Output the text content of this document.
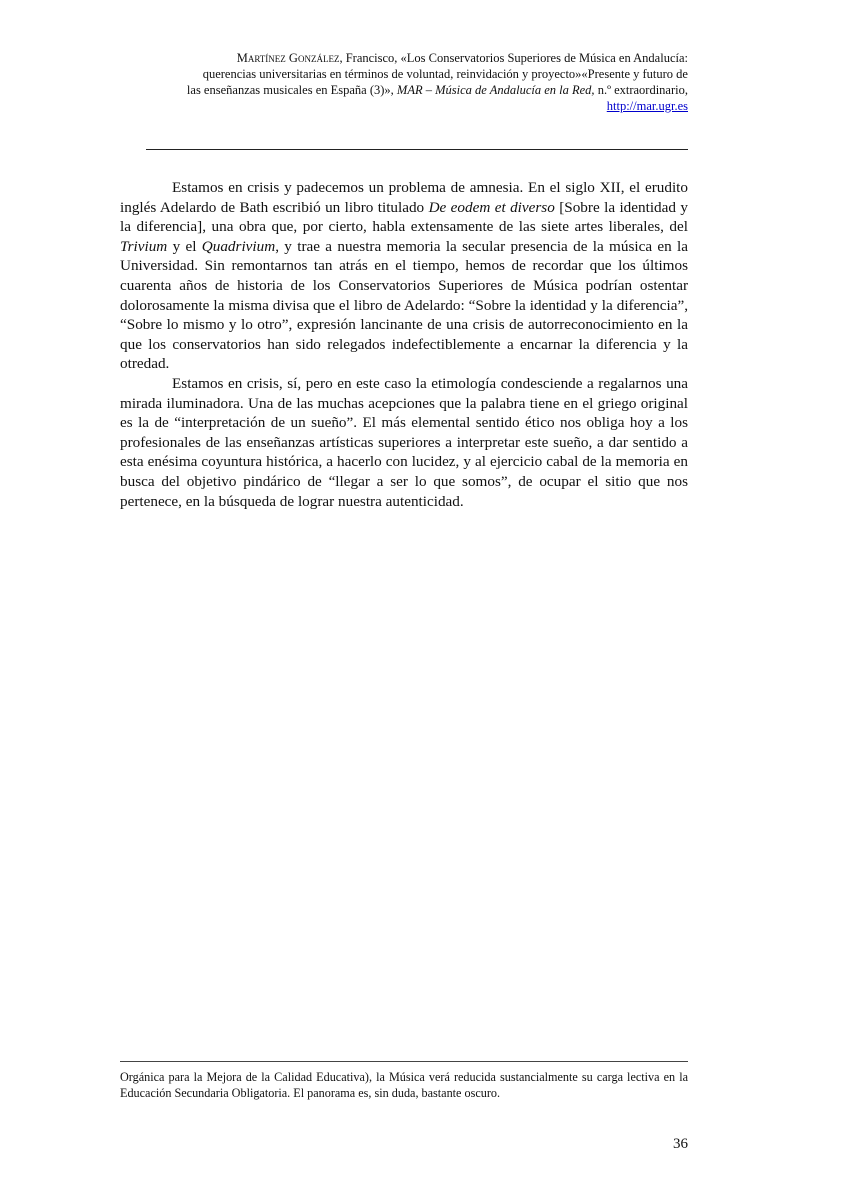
Martínez González, Francisco, «Los Conservatorios Superiores de Música en Andalucía:
querencias universitarias en términos de voluntad, reinvidación y proyecto»«Presente y futuro de
las enseñanzas musicales en España (3)», MAR – Música de Andalucía en la Red, n.º extraordinario,
http://mar.ugr.es

Estamos en crisis y padecemos un problema de amnesia. En el siglo XII, el erudito inglés Adelardo de Bath escribió un libro titulado De eodem et diverso [Sobre la identidad y la diferencia], una obra que, por cierto, habla extensamente de las siete artes liberales, del Trivium y el Quadrivium, y trae a nuestra memoria la secular presencia de la música en la Universidad. Sin remontarnos tan atrás en el tiempo, hemos de recordar que los últimos cuarenta años de historia de los Conservatorios Superiores de Música podrían ostentar dolorosamente la misma divisa que el libro de Adelardo: “Sobre la identidad y la diferencia”, “Sobre lo mismo y lo otro”, expresión lancinante de una crisis de autorreconocimiento en la que los conservatorios han sido relegados indefectiblemente a encarnar la diferencia y la otredad.

Estamos en crisis, sí, pero en este caso la etimología condesciende a regalarnos una mirada iluminadora. Una de las muchas acepciones que la palabra tiene en el griego original es la de “interpretación de un sueño”. El más elemental sentido ético nos obliga hoy a los profesionales de las enseñanzas artísticas superiores a interpretar este sueño, a dar sentido a esta enésima coyuntura histórica, a hacerlo con lucidez, y al ejercicio cabal de la memoria en busca del objetivo pindárico de “llegar a ser lo que somos”, de ocupar el sitio que nos pertenece, en la búsqueda de lograr nuestra autenticidad.

Orgánica para la Mejora de la Calidad Educativa), la Música verá reducida sustancialmente su carga lectiva en la Educación Secundaria Obligatoria. El panorama es, sin duda, bastante oscuro.
36
